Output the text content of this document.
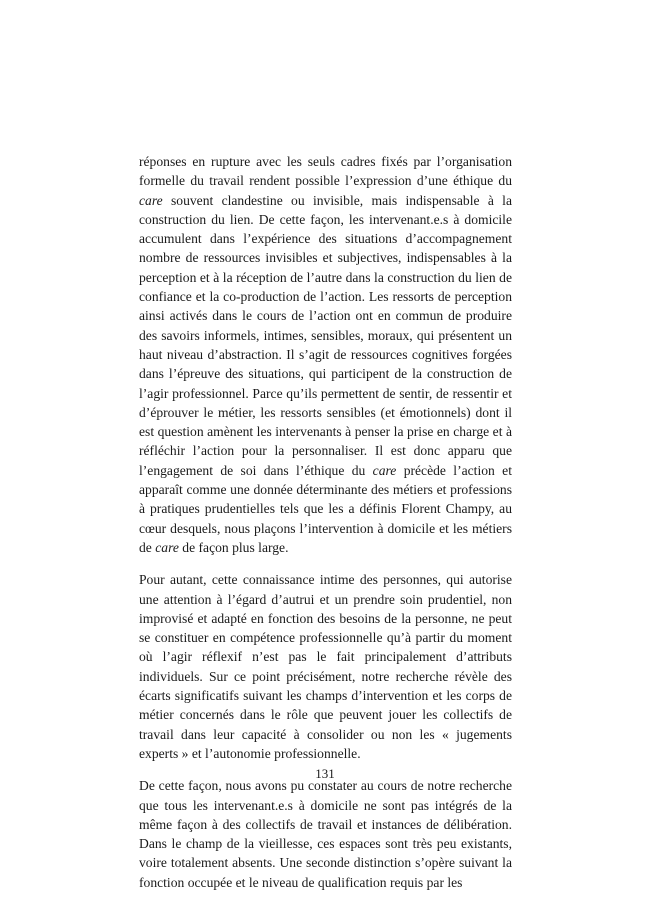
réponses en rupture avec les seuls cadres fixés par l’organisation formelle du travail rendent possible l’expression d’une éthique du care souvent clandestine ou invisible, mais indispensable à la construction du lien. De cette façon, les intervenant.e.s à domicile accumulent dans l’expérience des situations d’accompagnement nombre de ressources invisibles et subjectives, indispensables à la perception et à la réception de l’autre dans la construction du lien de confiance et la co-production de l’action. Les ressorts de perception ainsi activés dans le cours de l’action ont en commun de produire des savoirs informels, intimes, sensibles, moraux, qui présentent un haut niveau d’abstraction. Il s’agit de ressources cognitives forgées dans l’épreuve des situations, qui participent de la construction de l’agir professionnel. Parce qu’ils permettent de sentir, de ressentir et d’éprouver le métier, les ressorts sensibles (et émotionnels) dont il est question amènent les intervenants à penser la prise en charge et à réfléchir l’action pour la personnaliser. Il est donc apparu que l’engagement de soi dans l’éthique du care précède l’action et apparaît comme une donnée déterminante des métiers et professions à pratiques prudentielles tels que les a définis Florent Champy, au cœur desquels, nous plaçons l’intervention à domicile et les métiers de care de façon plus large.

Pour autant, cette connaissance intime des personnes, qui autorise une attention à l’égard d’autrui et un prendre soin prudentiel, non improvisé et adapté en fonction des besoins de la personne, ne peut se constituer en compétence professionnelle qu’à partir du moment où l’agir réflexif n’est pas le fait principalement d’attributs individuels. Sur ce point précisément, notre recherche révèle des écarts significatifs suivant les champs d’intervention et les corps de métier concernés dans le rôle que peuvent jouer les collectifs de travail dans leur capacité à consolider ou non les « jugements experts » et l’autonomie professionnelle.

De cette façon, nous avons pu constater au cours de notre recherche que tous les intervenant.e.s à domicile ne sont pas intégrés de la même façon à des collectifs de travail et instances de délibération. Dans le champ de la vieillesse, ces espaces sont très peu existants, voire totalement absents. Une seconde distinction s’opère suivant la fonction occupée et le niveau de qualification requis par les

131
